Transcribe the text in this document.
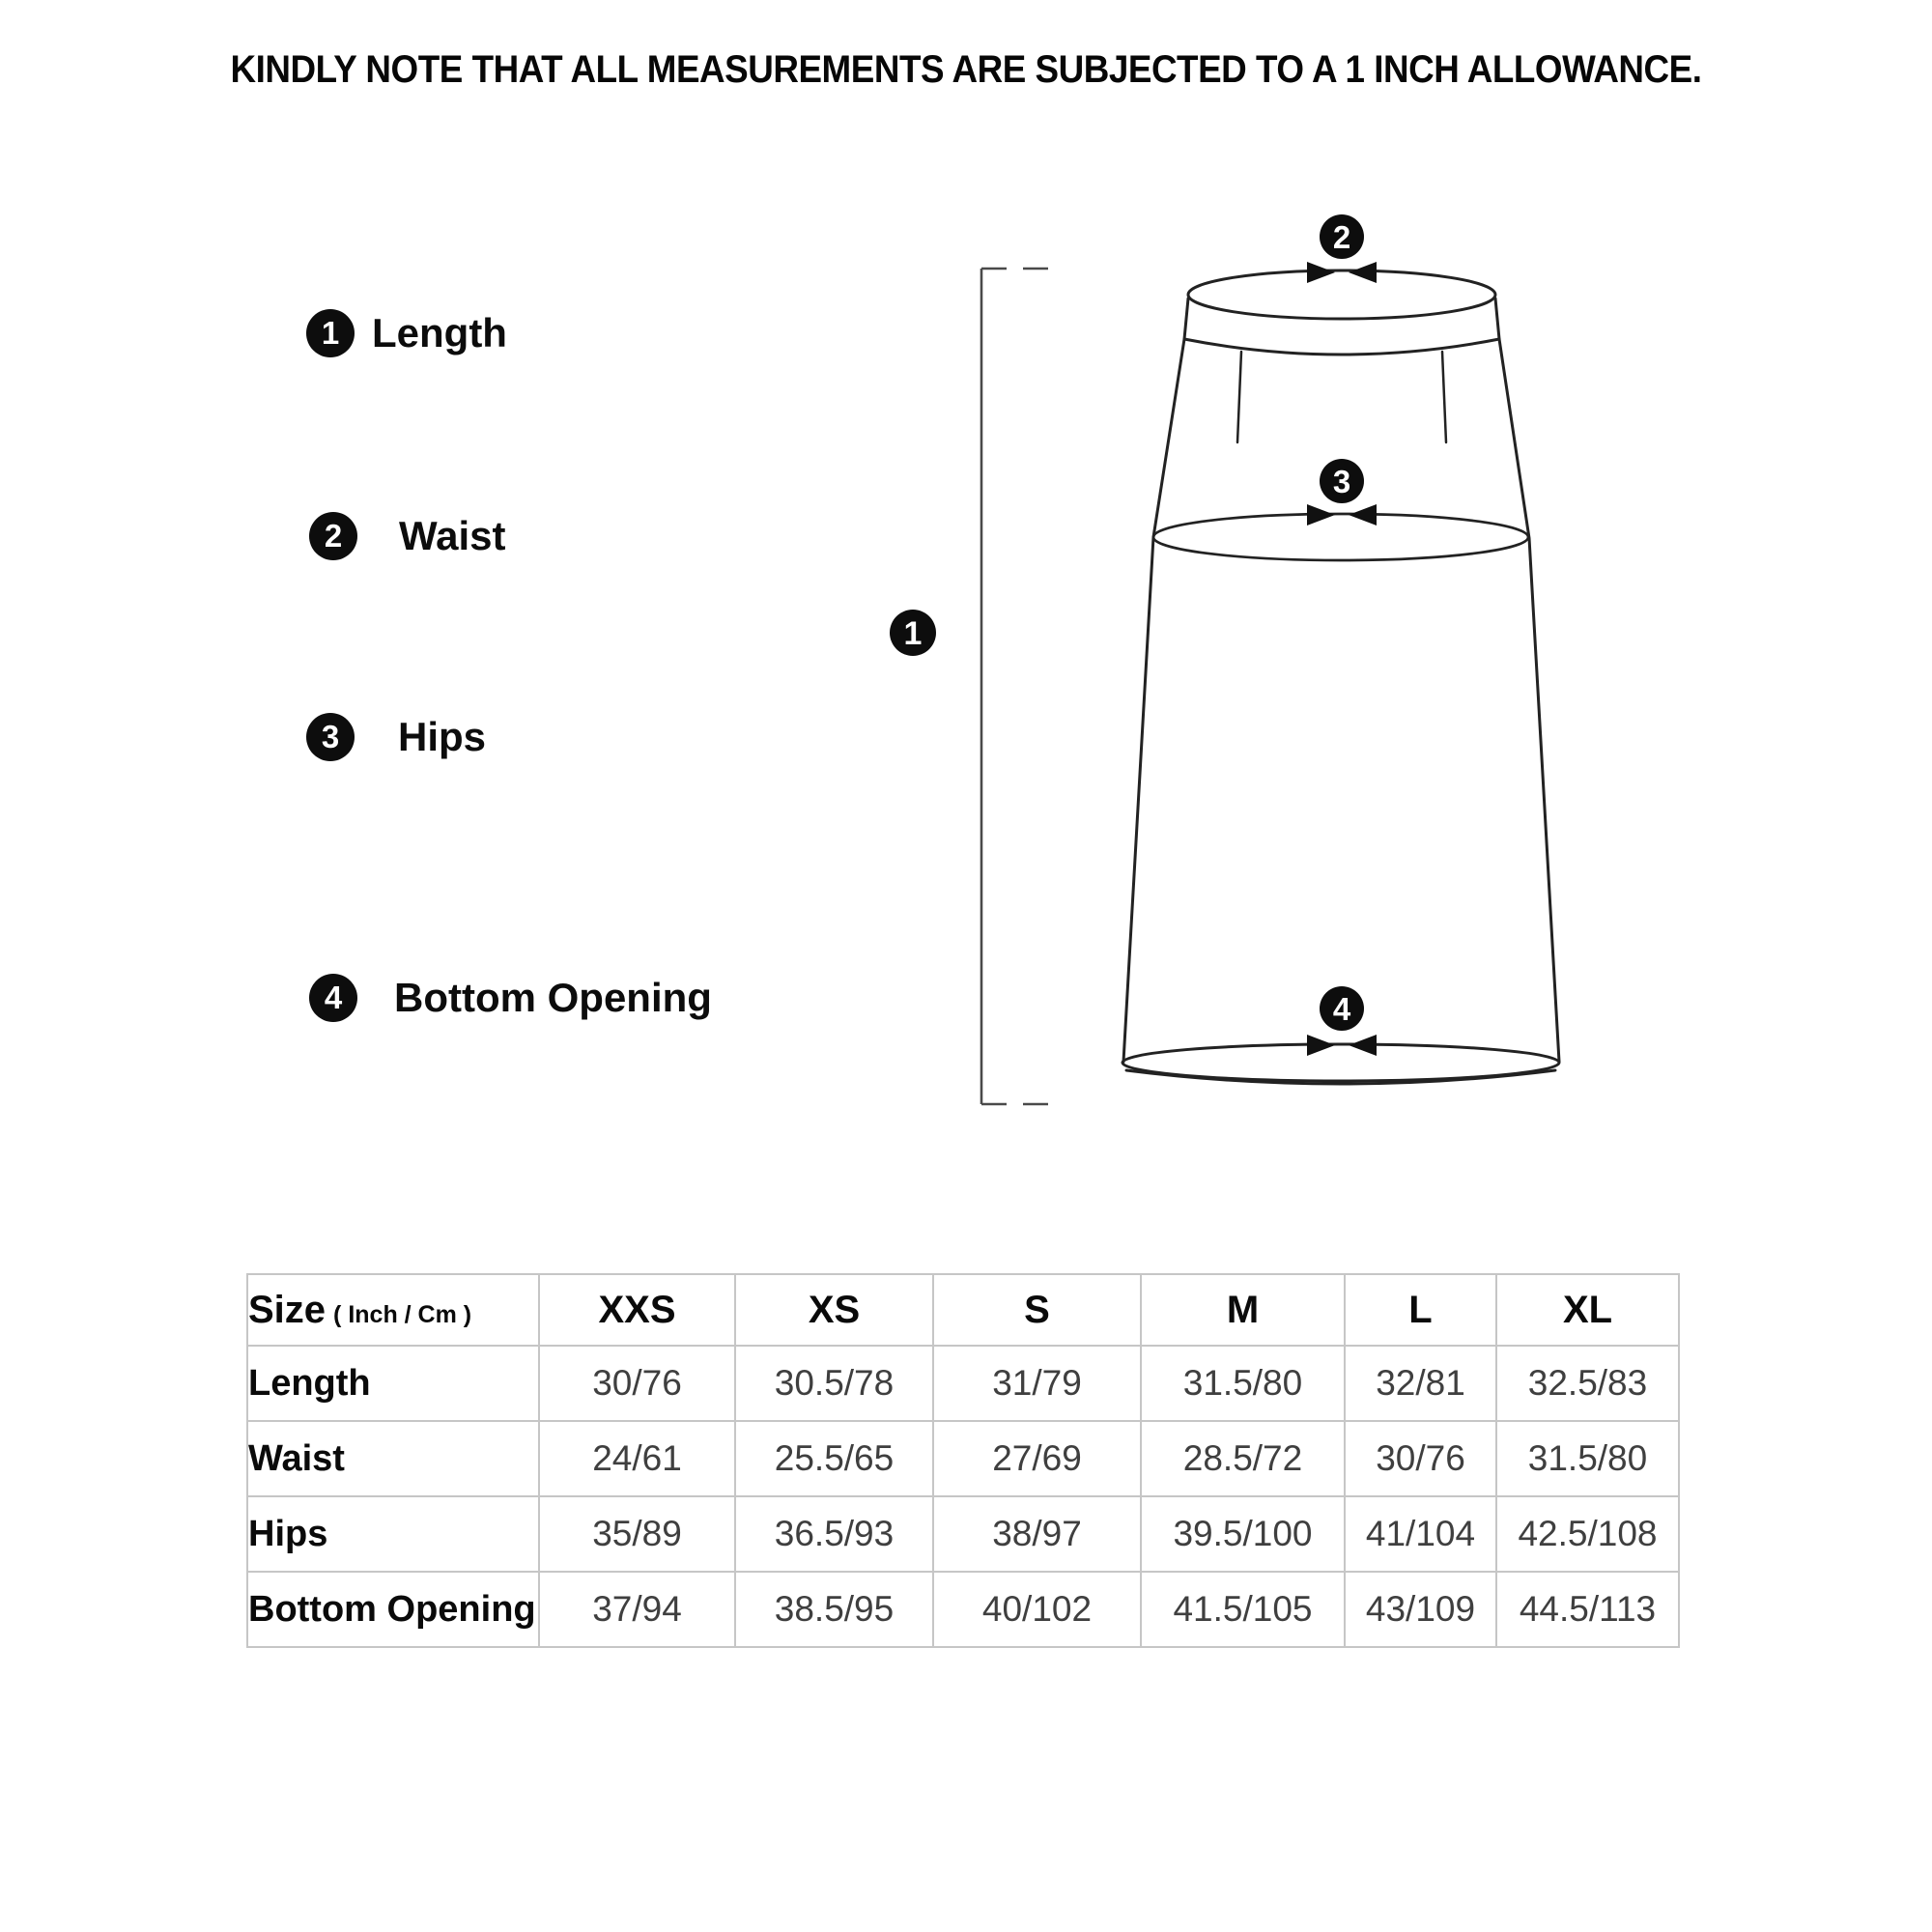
KINDLY NOTE THAT ALL MEASUREMENTS ARE SUBJECTED TO A 1 INCH ALLOWANCE.
1
2
3
4
1 Length
2	Waist
3	Hips
4	Bottom Opening
Size ( Inch / Cm )	XXS	XS	S	M	L	XL
Length	30/76	30.5/78	31/79	31.5/80	32/81	32.5/83
Waist	24/61	25.5/65	27/69	28.5/72	30/76	31.5/80
Hips	35/89	36.5/93	38/97	39.5/100	41/104	42.5/108
Bottom Opening	37/94	38.5/95	40/102	41.5/105	43/109	44.5/113
